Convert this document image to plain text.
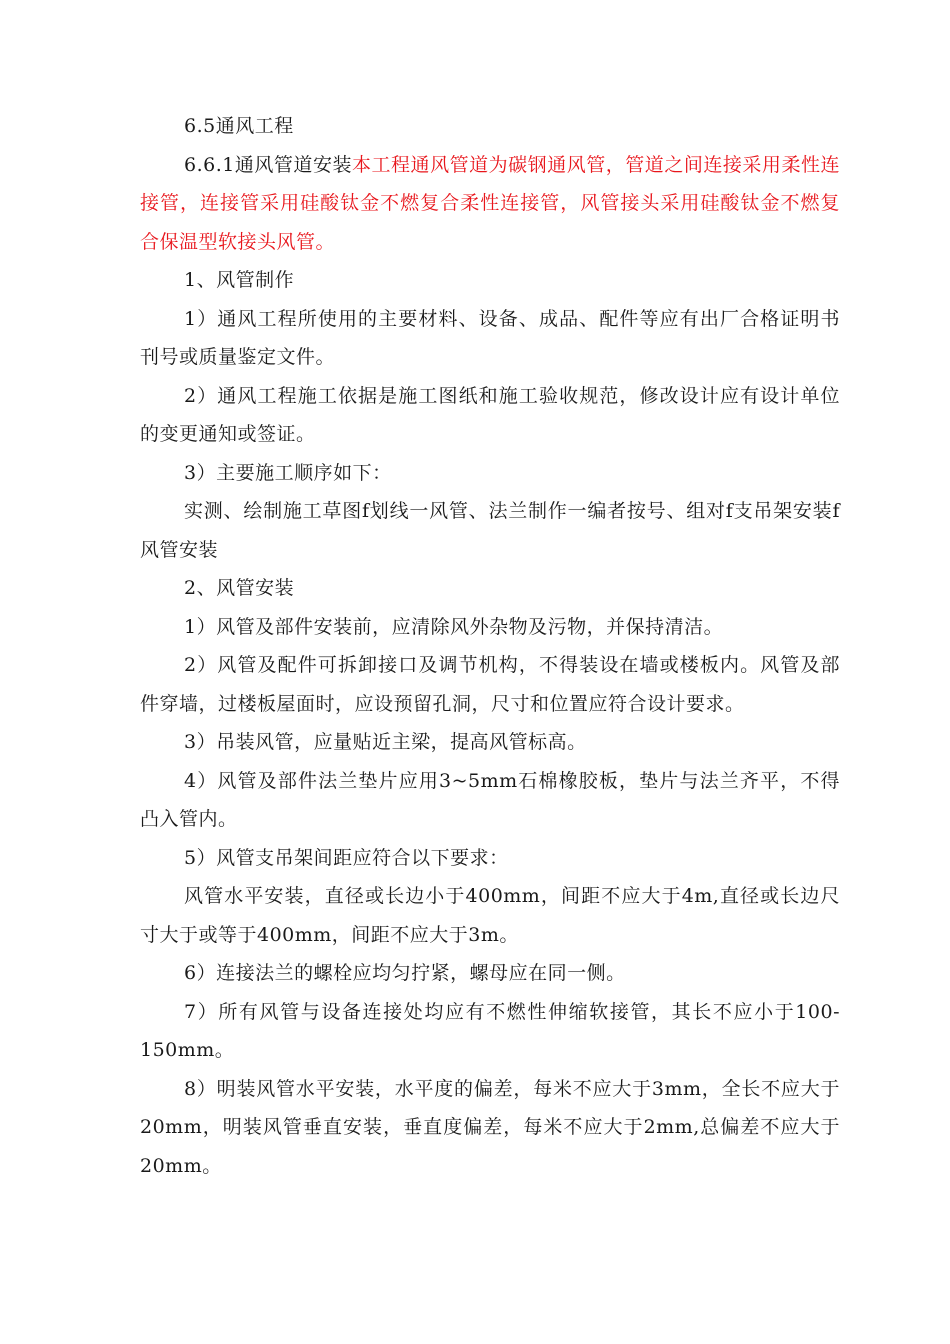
6.5通风工程

6.6.1通风管道安装本工程通风管道为碳钢通风管，管道之间连接采用柔性连接管，连接管采用硅酸钛金不燃复合柔性连接管，风管接头采用硅酸钛金不燃复合保温型软接头风管。

1、风管制作

1）通风工程所使用的主要材料、设备、成品、配件等应有出厂合格证明书刊号或质量鉴定文件。

2）通风工程施工依据是施工图纸和施工验收规范，修改设计应有设计单位的变更通知或签证。

3）主要施工顺序如下：

实测、绘制施工草图f划线一风管、法兰制作一编者按号、组对f支吊架安装f风管安装

2、风管安装

1）风管及部件安装前，应清除风外杂物及污物，并保持清洁。

2）风管及配件可拆卸接口及调节机构，不得装设在墙或楼板内。风管及部件穿墙，过楼板屋面时，应设预留孔洞，尺寸和位置应符合设计要求。

3）吊装风管，应量贴近主梁，提高风管标高。

4）风管及部件法兰垫片应用3~5mm石棉橡胶板，垫片与法兰齐平，不得凸入管内。

5）风管支吊架间距应符合以下要求：

风管水平安装，直径或长边小于400mm，间距不应大于4m,直径或长边尺寸大于或等于400mm，间距不应大于3m。

6）连接法兰的螺栓应均匀拧紧，螺母应在同一侧。

7）所有风管与设备连接处均应有不燃性伸缩软接管，其长不应小于100-150mm。

8）明装风管水平安装，水平度的偏差，每米不应大于3mm，全长不应大于20mm，明装风管垂直安装，垂直度偏差，每米不应大于2mm,总偏差不应大于20mm。
